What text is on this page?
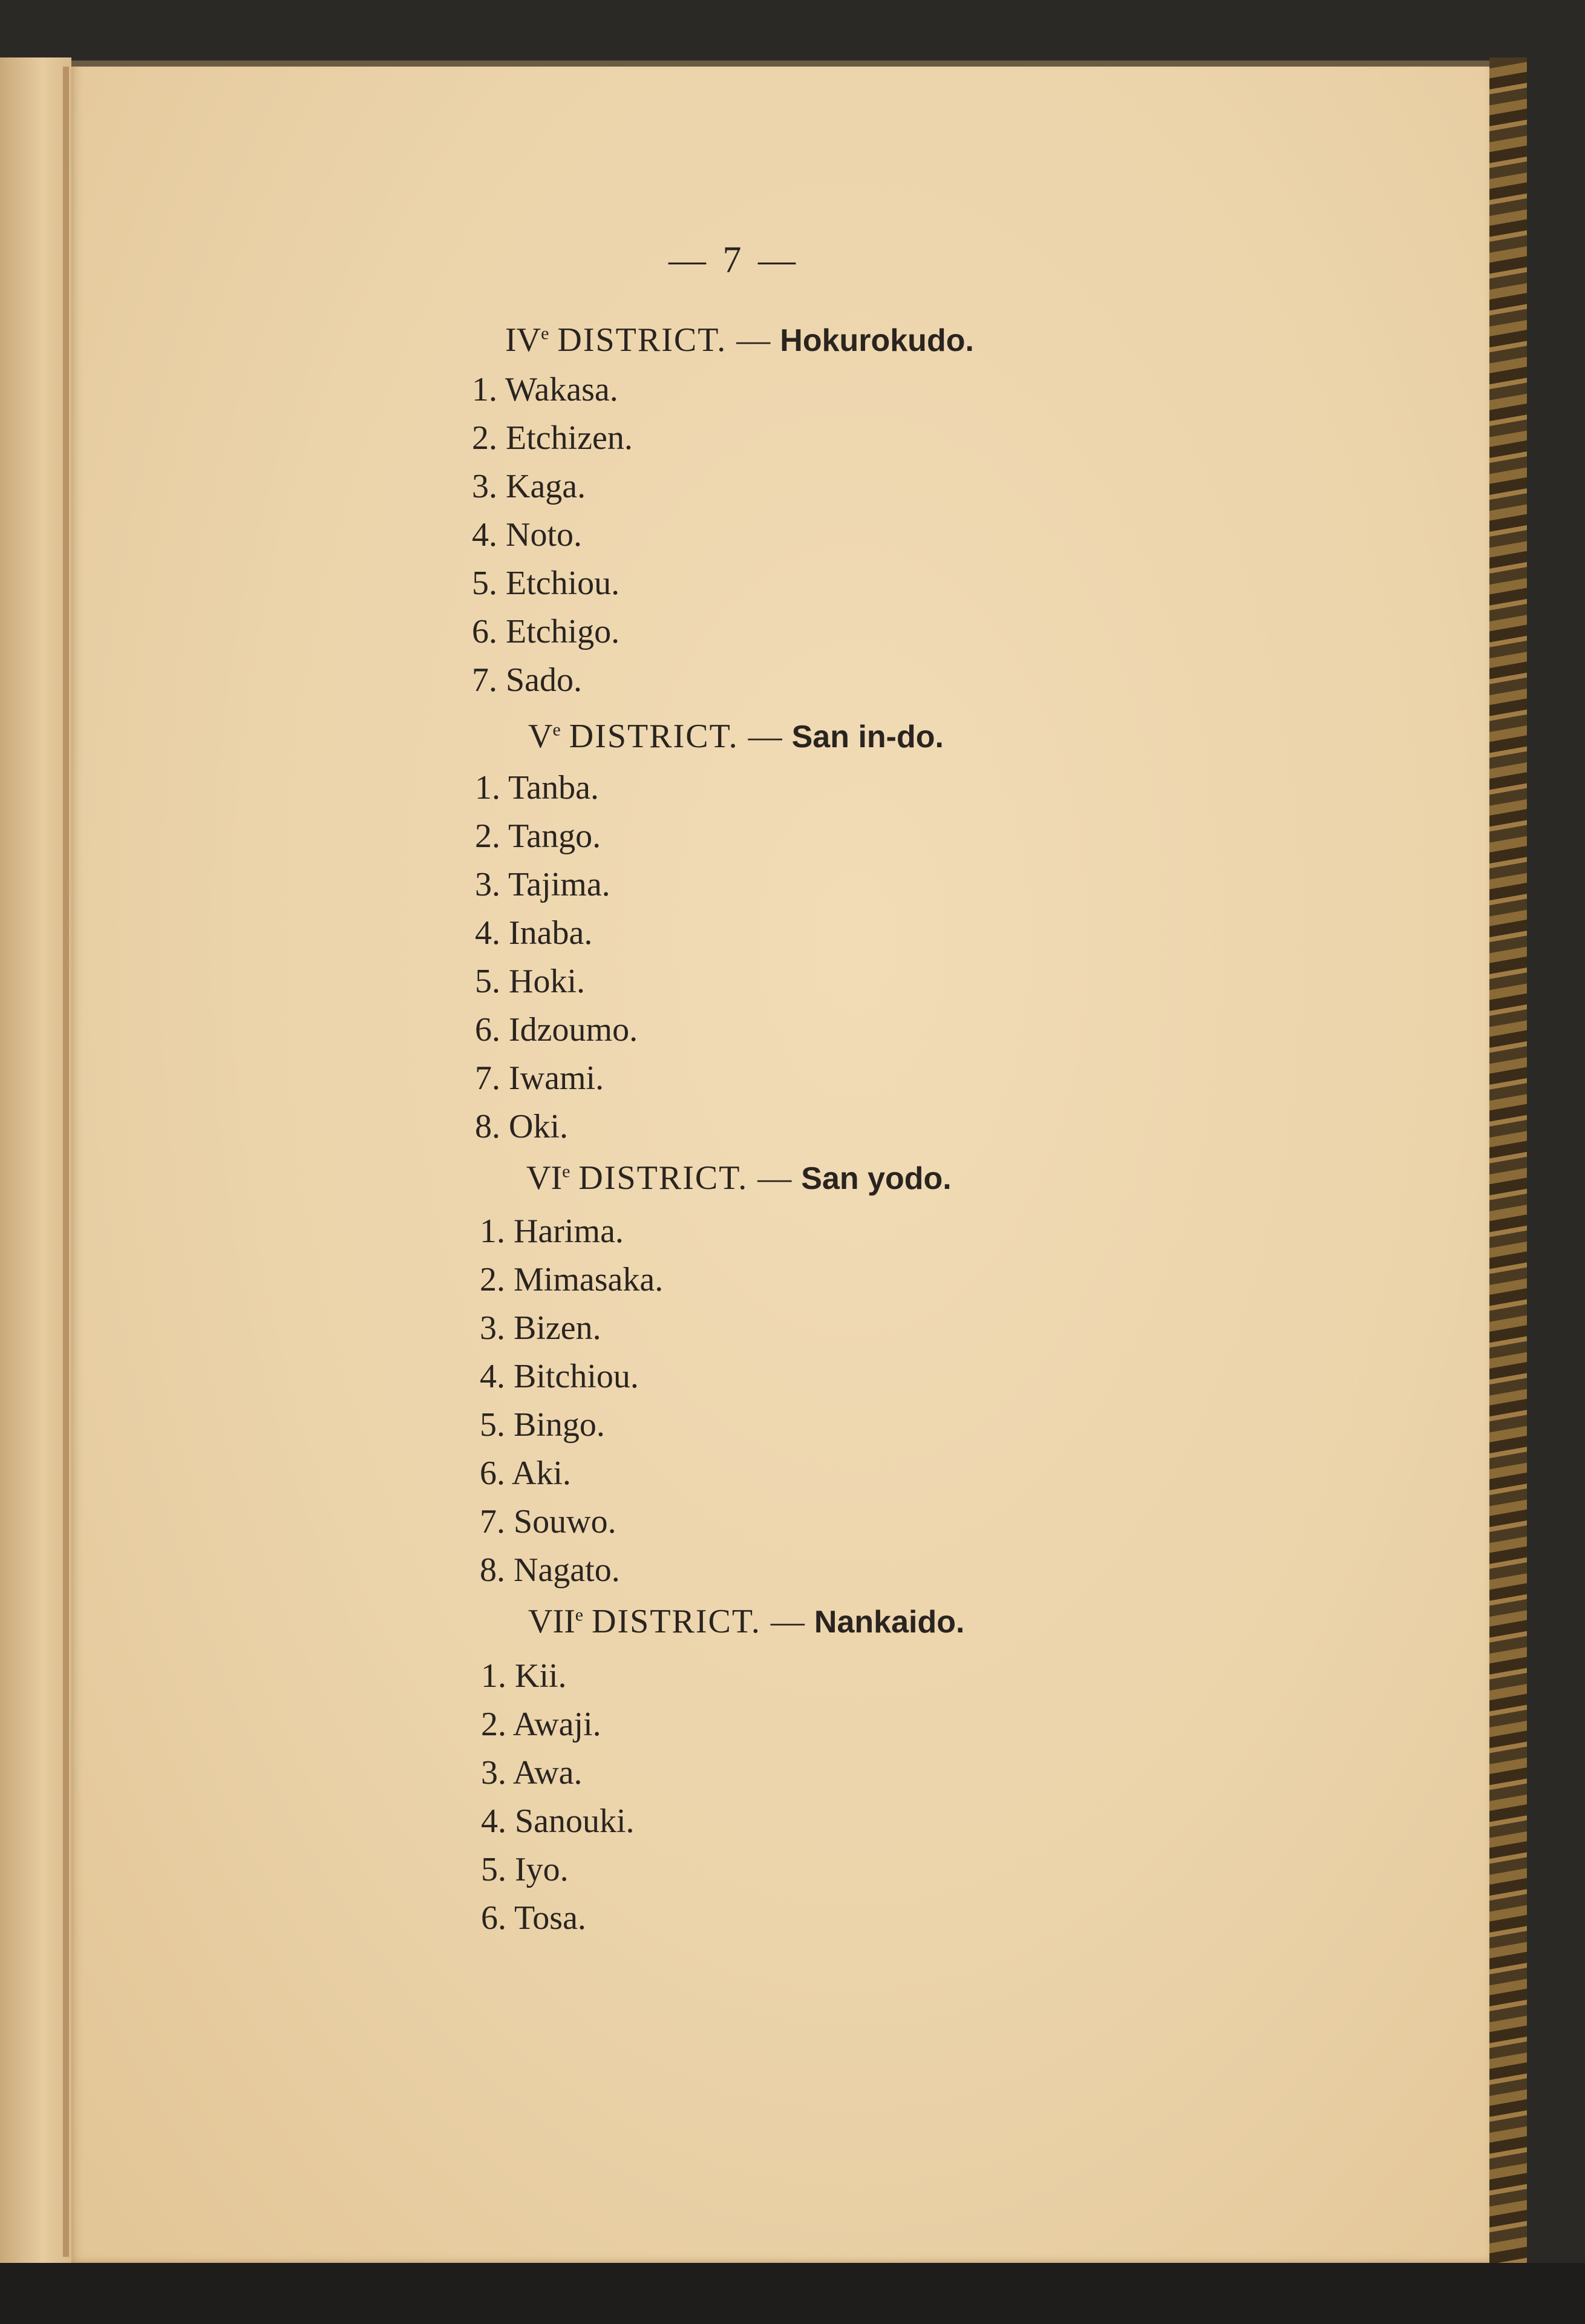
— 7 —
IVe DISTRICT. — Hokurokudo.
1. Wakasa.
2. Etchizen.
3. Kaga.
4. Noto.
5. Etchiou.
6. Etchigo.
7. Sado.
Ve DISTRICT. — San in-do.
1. Tanba.
2. Tango.
3. Tajima.
4. Inaba.
5. Hoki.
6. Idzoumo.
7. Iwami.
8. Oki.
VIe DISTRICT. — San yodo.
1. Harima.
2. Mimasaka.
3. Bizen.
4. Bitchiou.
5. Bingo.
6. Aki.
7. Souwo.
8. Nagato.
VIIe DISTRICT. — Nankaido.
1. Kii.
2. Awaji.
3. Awa.
4. Sanouki.
5. Iyo.
6. Tosa.
